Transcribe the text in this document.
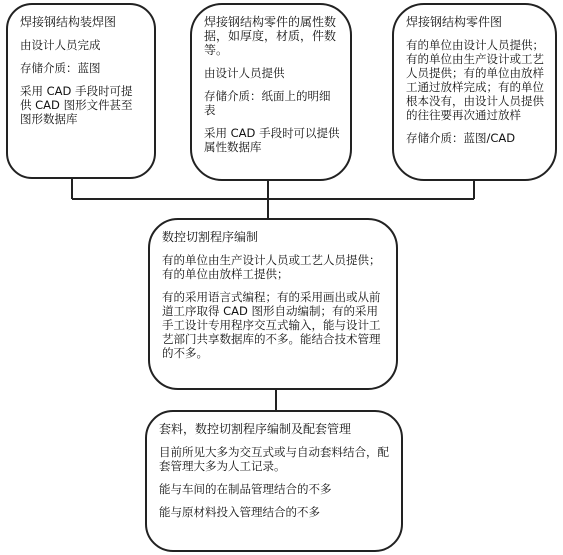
焊接钢结构装焊图

由设计人员完成

存储介质：蓝图

采用 CAD 手段时可提供 CAD 图形文件甚至图形数据库

焊接钢结构零件的属性数据，如厚度，材质，件数等。

由设计人员提供

存储介质：纸面上的明细表

采用 CAD 手段时可以提供属性数据库

焊接钢结构零件图

有的单位由设计人员提供；有的单位由生产设计或工艺人员提供；有的单位由放样工通过放样完成；有的单位根本没有，由设计人员提供的往往要再次通过放样

存储介质：蓝图/CAD

数控切割程序编制

有的单位由生产设计人员或工艺人员提供；有的单位由放样工提供；

有的采用语言式编程；有的采用画出或从前道工序取得 CAD 图形自动编制；有的采用手工设计专用程序交互式输入，能与设计工艺部门共享数据库的不多。能结合技术管理的不多。

套料，数控切割程序编制及配套管理

目前所见大多为交互式或与自动套料结合，配套管理大多为人工记录。

能与车间的在制品管理结合的不多

能与原材料投入管理结合的不多
